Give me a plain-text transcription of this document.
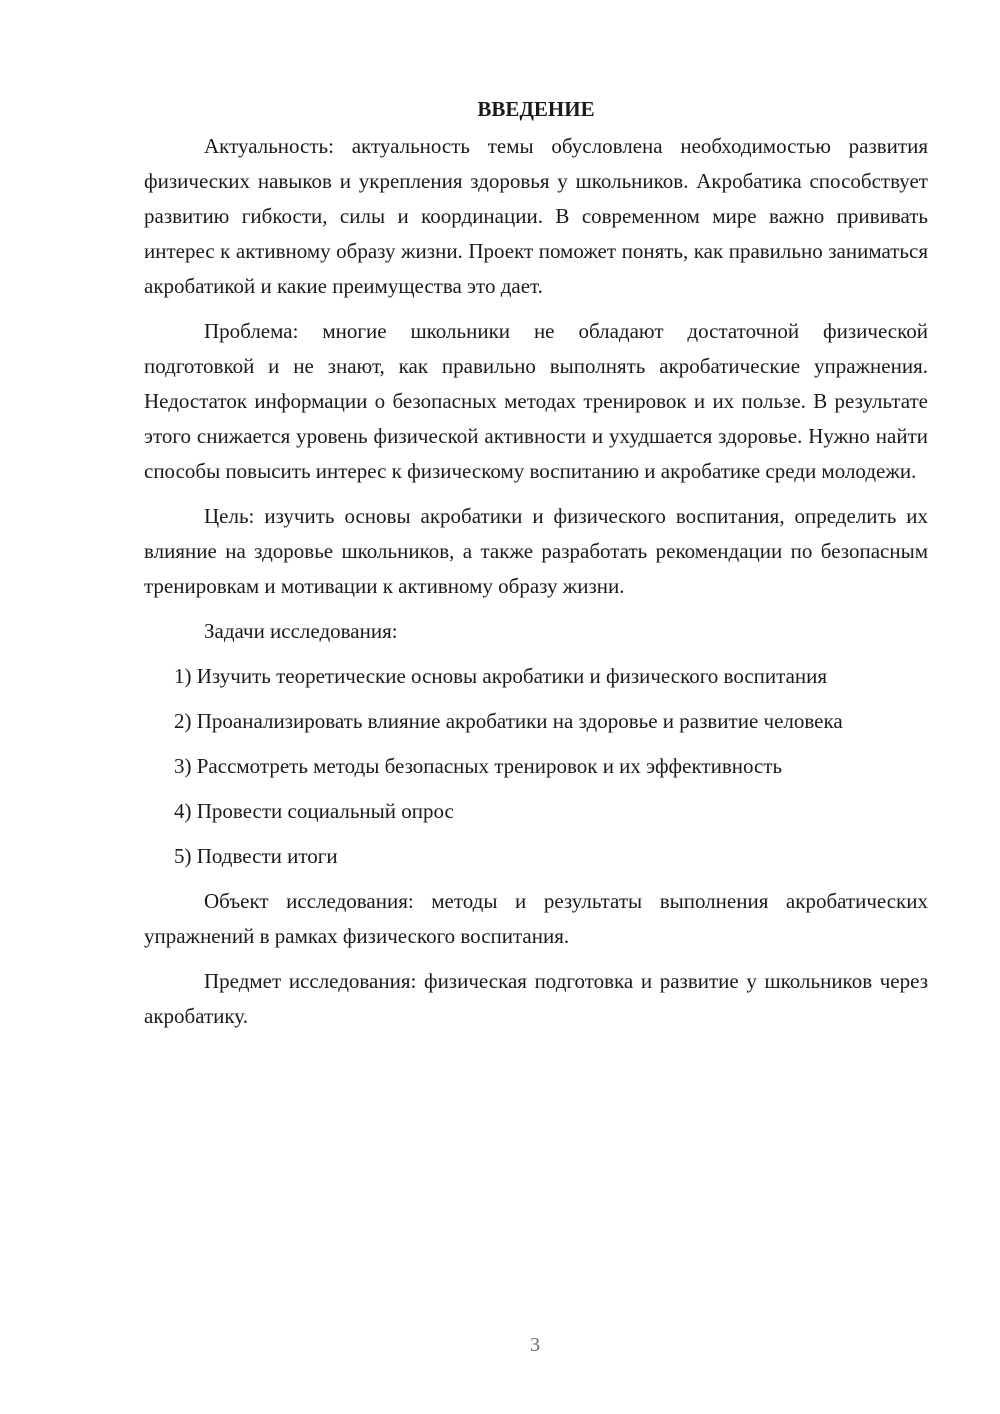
ВВЕДЕНИЕ

Актуальность: актуальность темы обусловлена необходимостью развития физических навыков и укрепления здоровья у школьников. Акробатика способствует развитию гибкости, силы и координации. В современном мире важно прививать интерес к активному образу жизни. Проект поможет понять, как правильно заниматься акробатикой и какие преимущества это дает.

Проблема: многие школьники не обладают достаточной физической подготовкой и не знают, как правильно выполнять акробатические упражнения. Недостаток информации о безопасных методах тренировок и их пользе. В результате этого снижается уровень физической активности и ухудшается здоровье. Нужно найти способы повысить интерес к физическому воспитанию и акробатике среди молодежи.

Цель: изучить основы акробатики и физического воспитания, определить их влияние на здоровье школьников, а также разработать рекомендации по безопасным тренировкам и мотивации к активному образу жизни.

Задачи исследования:

1) Изучить теоретические основы акробатики и физического воспитания

2) Проанализировать влияние акробатики на здоровье и развитие человека

3) Рассмотреть методы безопасных тренировок и их эффективность

4) Провести социальный опрос

5) Подвести итоги

Объект исследования: методы и результаты выполнения акробатических упражнений в рамках физического воспитания.

Предмет исследования: физическая подготовка и развитие у школьников через акробатику.

3
